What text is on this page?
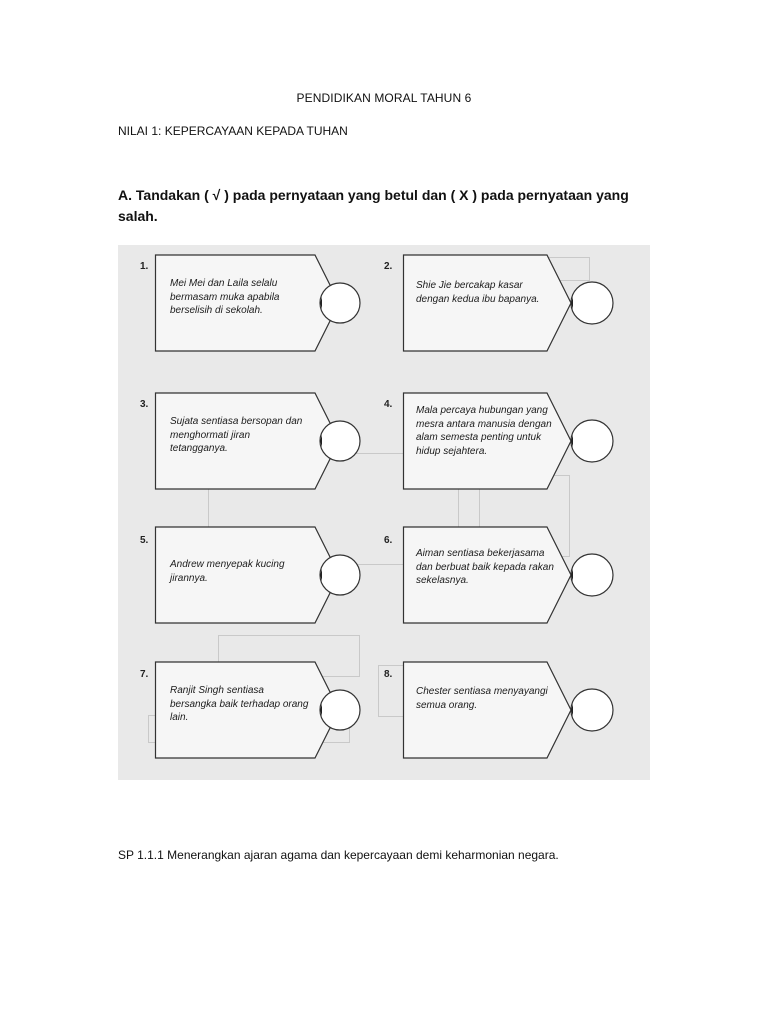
PENDIDIKAN MORAL TAHUN 6
NILAI 1: KEPERCAYAAN KEPADA TUHAN
A. Tandakan ( √ ) pada pernyataan yang betul dan ( X ) pada pernyataan yang salah.
Mei Mei dan Laila selalu bermasam muka apabila berselisih di sekolah.
1.
Shie Jie bercakap kasar dengan kedua ibu bapanya.
2.
Sujata sentiasa bersopan dan menghormati jiran tetangganya.
3.
Mala percaya hubungan yang mesra antara manusia dengan alam semesta penting untuk hidup sejahtera.
4.
Andrew menyepak kucing jirannya.
5.
Aiman sentiasa bekerjasama dan berbuat baik kepada rakan sekelasnya.
6.
Ranjit Singh sentiasa bersangka baik terhadap orang lain.
7.
Chester sentiasa menyayangi semua orang.
8.
SP 1.1.1 Menerangkan ajaran agama dan kepercayaan demi keharmonian negara.
